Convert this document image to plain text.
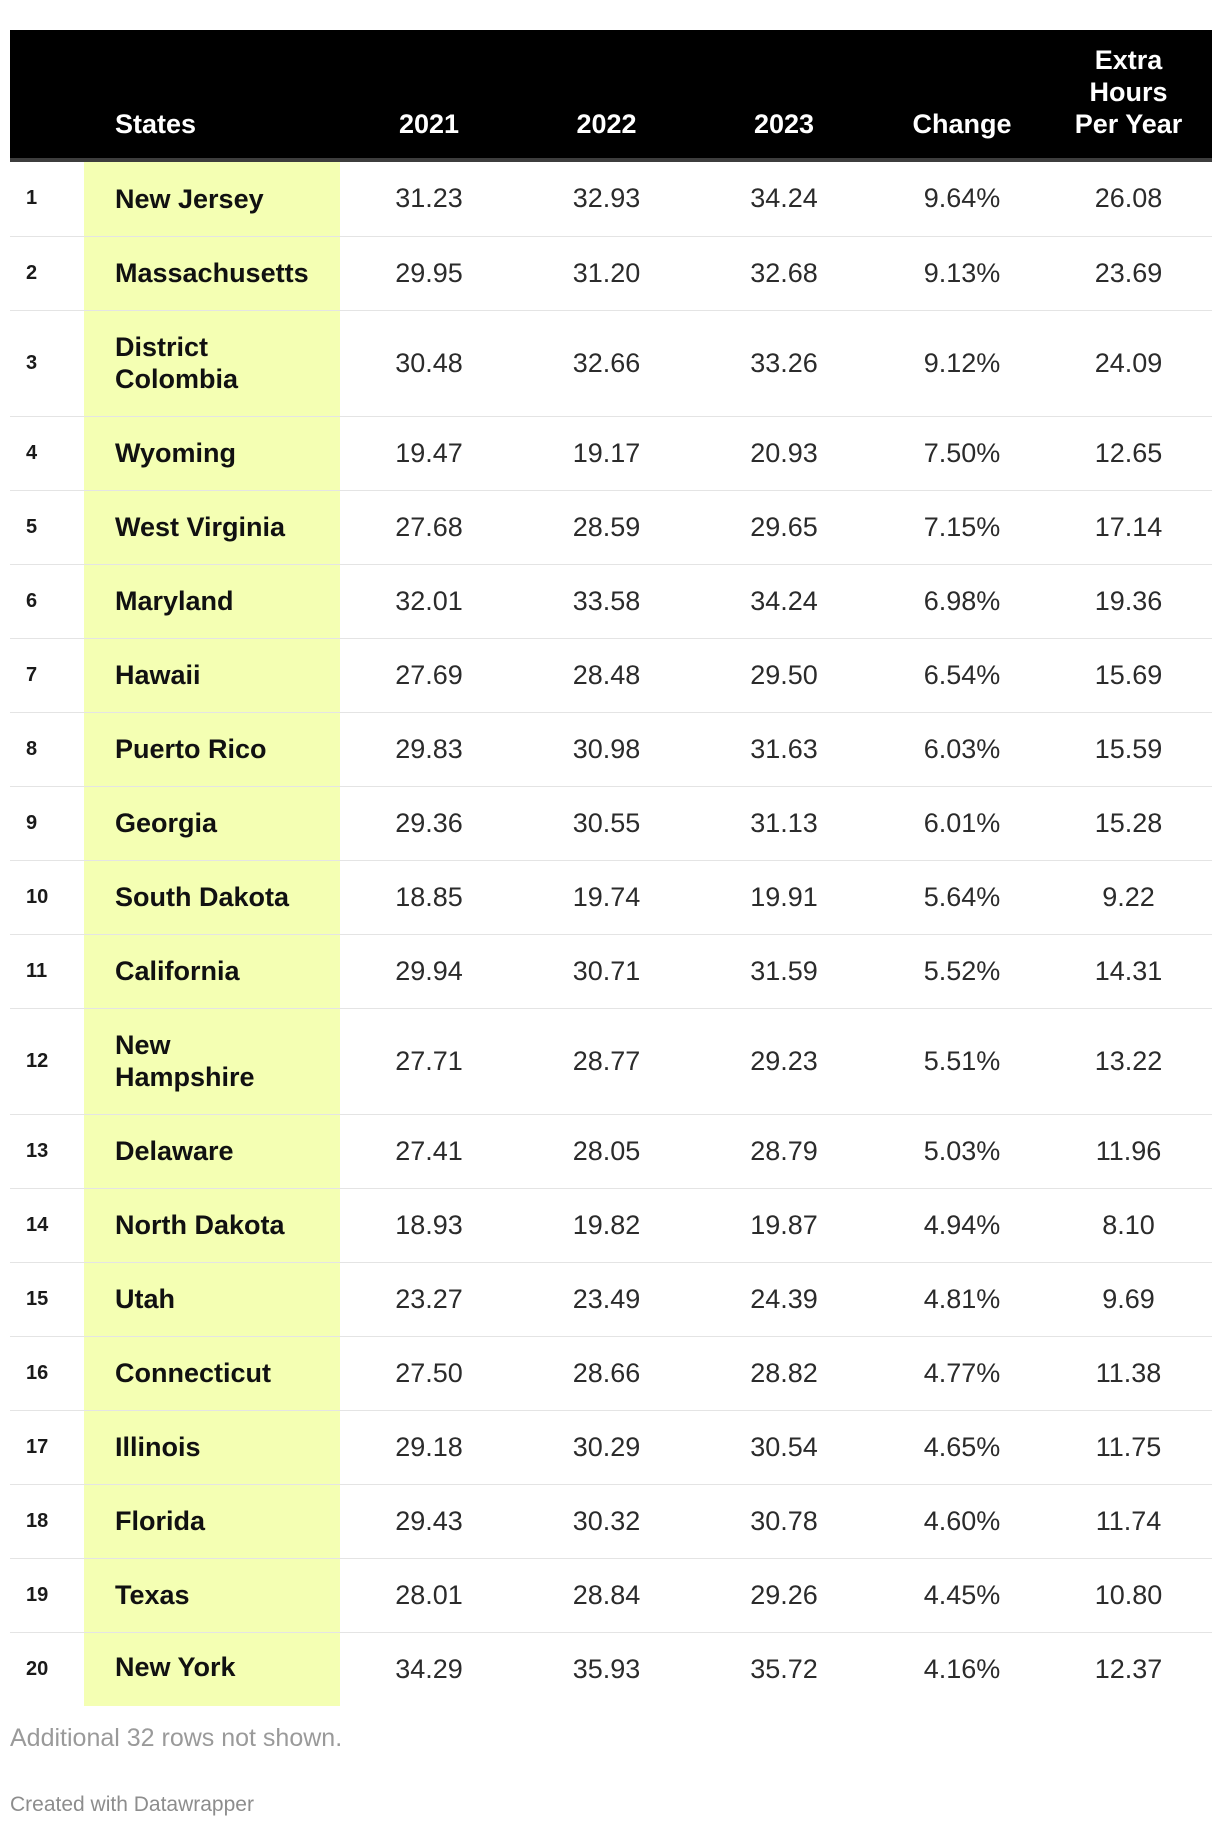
	States	2021	2022	2023	Change	Extra
Hours
Per Year

1	New Jersey	31.23	32.93	34.24	9.64%	26.08
2	Massachusetts	29.95	31.20	32.68	9.13%	23.69
3	District
Colombia	30.48	32.66	33.26	9.12%	24.09
4	Wyoming	19.47	19.17	20.93	7.50%	12.65
5	West Virginia	27.68	28.59	29.65	7.15%	17.14
6	Maryland	32.01	33.58	34.24	6.98%	19.36
7	Hawaii	27.69	28.48	29.50	6.54%	15.69
8	Puerto Rico	29.83	30.98	31.63	6.03%	15.59
9	Georgia	29.36	30.55	31.13	6.01%	15.28
10	South Dakota	18.85	19.74	19.91	5.64%	9.22
11	California	29.94	30.71	31.59	5.52%	14.31
12	New
Hampshire	27.71	28.77	29.23	5.51%	13.22
13	Delaware	27.41	28.05	28.79	5.03%	11.96
14	North Dakota	18.93	19.82	19.87	4.94%	8.10
15	Utah	23.27	23.49	24.39	4.81%	9.69
16	Connecticut	27.50	28.66	28.82	4.77%	11.38
17	Illinois	29.18	30.29	30.54	4.65%	11.75
18	Florida	29.43	30.32	30.78	4.60%	11.74
19	Texas	28.01	28.84	29.26	4.45%	10.80
20	New York	34.29	35.93	35.72	4.16%	12.37
Additional 32 rows not shown.
Created with Datawrapper
